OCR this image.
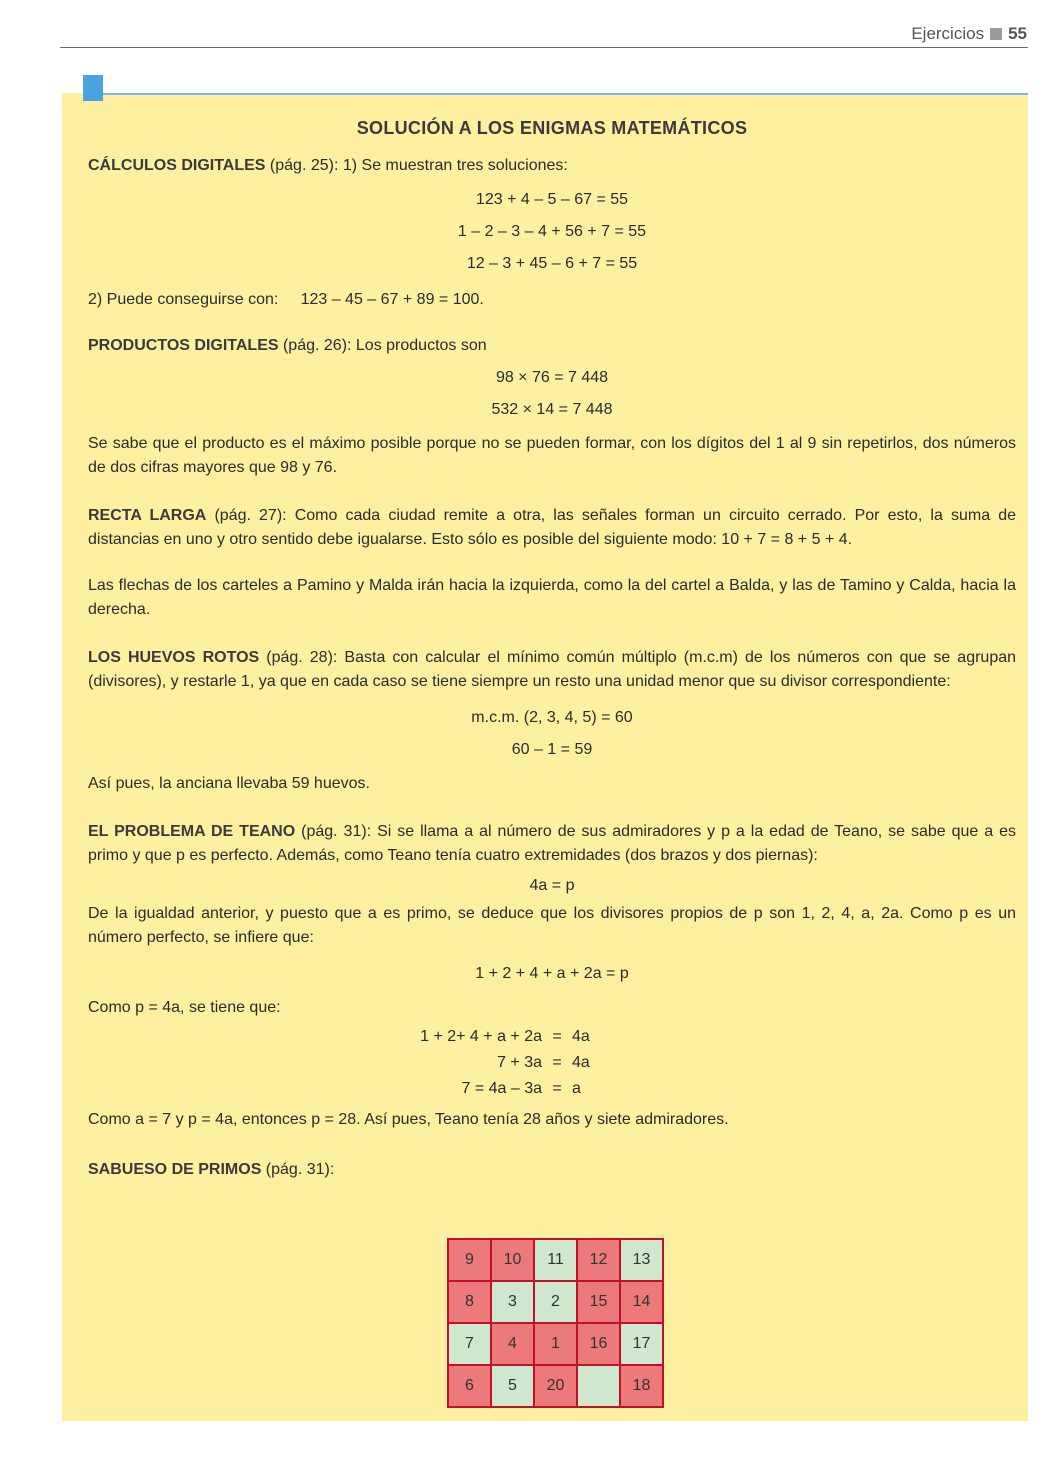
Ejercicios 55
SOLUCIÓN A LOS ENIGMAS MATEMÁTICOS

CÁLCULOS DIGITALES (pág. 25): 1) Se muestran tres soluciones:

123 + 4 – 5 – 67 = 55
1 – 2 – 3 – 4 + 56 + 7 = 55
12 – 3 + 45 – 6 + 7 = 55

2) Puede conseguirse con:     123 – 45 – 67 + 89 = 100.

PRODUCTOS DIGITALES (pág. 26): Los productos son

98 × 76 = 7 448
532 × 14 = 7 448

Se sabe que el producto es el máximo posible porque no se pueden formar, con los dígitos del 1 al 9 sin repetirlos, dos números de dos cifras mayores que 98 y 76.

RECTA LARGA (pág. 27): Como cada ciudad remite a otra, las señales forman un circuito cerrado. Por esto, la suma de distancias en uno y otro sentido debe igualarse. Esto sólo es posible del siguiente modo: 10 + 7 = 8 + 5 + 4.

Las flechas de los carteles a Pamino y Malda irán hacia la izquierda, como la del cartel a Balda, y las de Tamino y Calda, hacia la derecha.

LOS HUEVOS ROTOS (pág. 28): Basta con calcular el mínimo común múltiplo (m.c.m) de los números con que se agrupan (divisores), y restarle 1, ya que en cada caso se tiene siempre un resto una unidad menor que su divisor correspondiente:

m.c.m. (2, 3, 4, 5) = 60
60 – 1 = 59

Así pues, la anciana llevaba 59 huevos.

EL PROBLEMA DE TEANO (pág. 31): Si se llama a al número de sus admiradores y p a la edad de Teano, se sabe que a es primo y que p es perfecto. Además, como Teano tenía cuatro extremidades (dos brazos y dos piernas):

4a = p

De la igualdad anterior, y puesto que a es primo, se deduce que los divisores propios de p son 1, 2, 4, a, 2a. Como p es un número perfecto, se infiere que:

1 + 2 + 4 + a + 2a = p

Como p = 4a, se tiene que:

1 + 2+ 4 + a + 2a = 4a
7 + 3a = 4a
7 = 4a – 3a = a

Como a = 7 y p = 4a, entonces p = 28. Así pues, Teano tenía 28 años y siete admiradores.

SABUESO DE PRIMOS (pág. 31):

9	10	11	12	13
8	3	2	15	14
7	4	1	16	17
6	5	20		18
